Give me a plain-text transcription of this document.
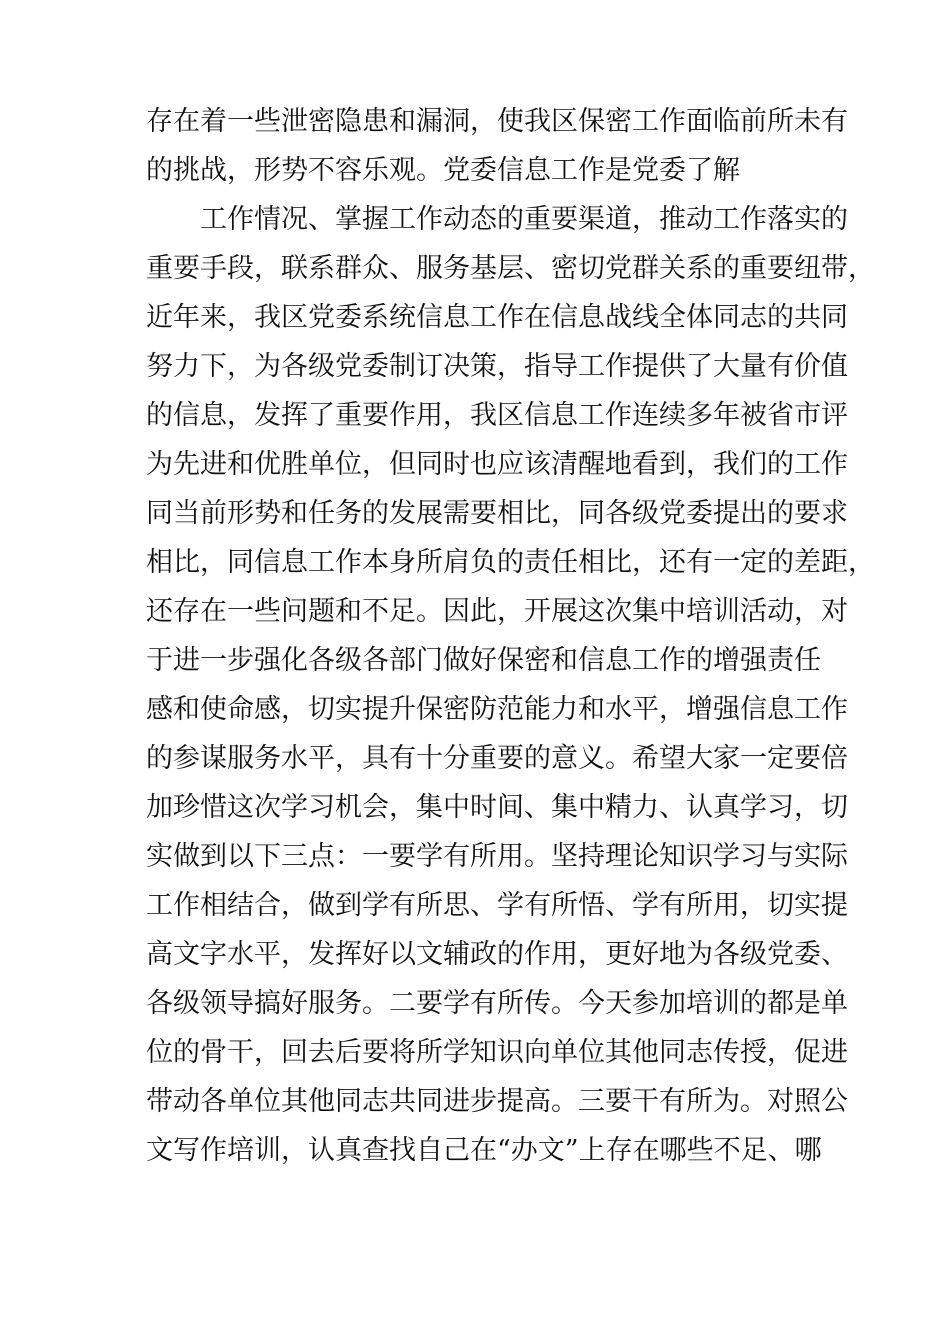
存在着一些泄密隐患和漏洞，使我区保密工作面临前所未有
的挑战，形势不容乐观。党委信息工作是党委了解
工作情况、掌握工作动态的重要渠道，推动工作落实的
重要手段，联系群众、服务基层、密切党群关系的重要纽带，
近年来，我区党委系统信息工作在信息战线全体同志的共同
努力下，为各级党委制订决策，指导工作提供了大量有价值
的信息，发挥了重要作用，我区信息工作连续多年被省市评
为先进和优胜单位，但同时也应该清醒地看到，我们的工作
同当前形势和任务的发展需要相比，同各级党委提出的要求
相比，同信息工作本身所肩负的责任相比，还有一定的差距，
还存在一些问题和不足。因此，开展这次集中培训活动，对
于进一步强化各级各部门做好保密和信息工作的增强责任
感和使命感，切实提升保密防范能力和水平，增强信息工作
的参谋服务水平，具有十分重要的意义。希望大家一定要倍
加珍惜这次学习机会，集中时间、集中精力、认真学习，切
实做到以下三点：一要学有所用。坚持理论知识学习与实际
工作相结合，做到学有所思、学有所悟、学有所用，切实提
高文字水平，发挥好以文辅政的作用，更好地为各级党委、
各级领导搞好服务。二要学有所传。今天参加培训的都是单
位的骨干，回去后要将所学知识向单位其他同志传授，促进
带动各单位其他同志共同进步提高。三要干有所为。对照公
文写作培训，认真查找自己在“办文”上存在哪些不足、哪
